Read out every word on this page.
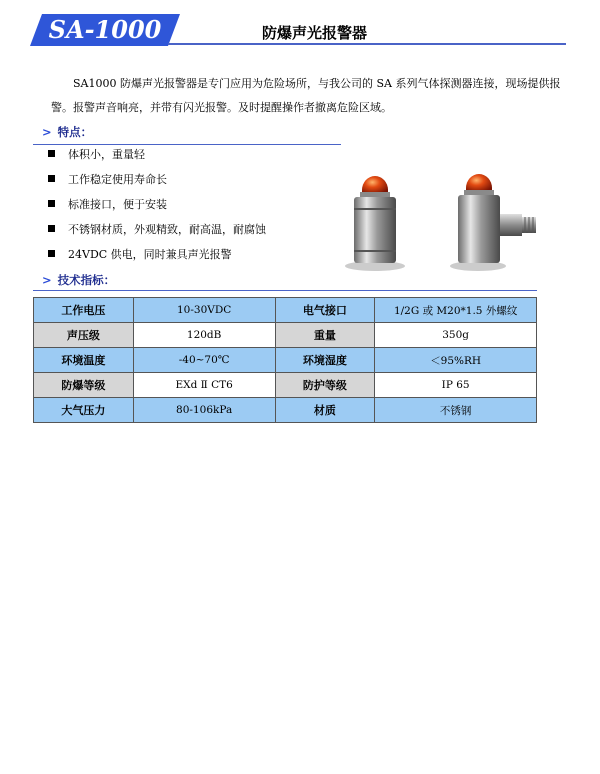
SA-1000	防爆声光报警器
SA1000 防爆声光报警器是专门应用为危险场所，与我公司的 SA 系列气体探测器连接，现场提供报警。报警声音响亮，并带有闪光报警。及时提醒操作者撤离危险区域。
> 特点：
体积小，重量轻
工作稳定使用寿命长
标准接口，便于安装
不锈钢材质，外观精致，耐高温，耐腐蚀
24VDC 供电，同时兼具声光报警
> 技术指标：
工作电压	10-30VDC	电气接口	1/2G 或 M20*1.5 外螺纹
声压级	120dB	重量	350g
环境温度	-40~70℃	环境湿度	＜95%RH
防爆等级	EXd Ⅱ CT6	防护等级	IP 65
大气压力	80-106kPa	材质	不锈钢
